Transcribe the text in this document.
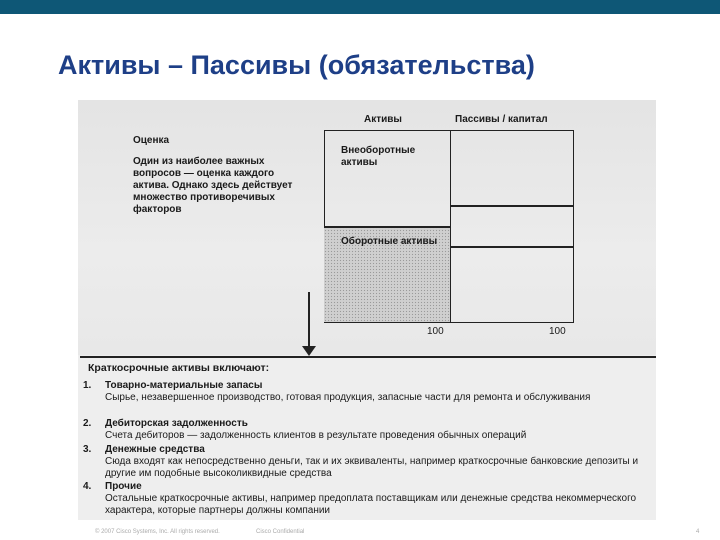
Активы – Пассивы (обязательства)
Активы	Пассивы / капитал
Оценка
Один из наиболее важных вопросов — оценка каждого актива. Однако здесь действует множество противоречивых факторов
Внеоборотные активы
Оборотные активы
100	100
Краткосрочные активы включают:
1. Товарно-материальные запасы
Сырье, незавершенное производство, готовая продукция, запасные части для ремонта и обслуживания
2. Дебиторская задолженность
Счета дебиторов — задолженность клиентов в результате проведения обычных операций
3. Денежные средства
Сюда входят как непосредственно деньги, так и их эквиваленты, например краткосрочные банковские депозиты и другие им подобные высоколиквидные средства
4. Прочие
Остальные краткосрочные активы, например предоплата поставщикам или денежные средства некоммерческого характера, которые партнеры должны компании
© 2007 Cisco Systems, Inc. All rights reserved.	Cisco Confidential	4
